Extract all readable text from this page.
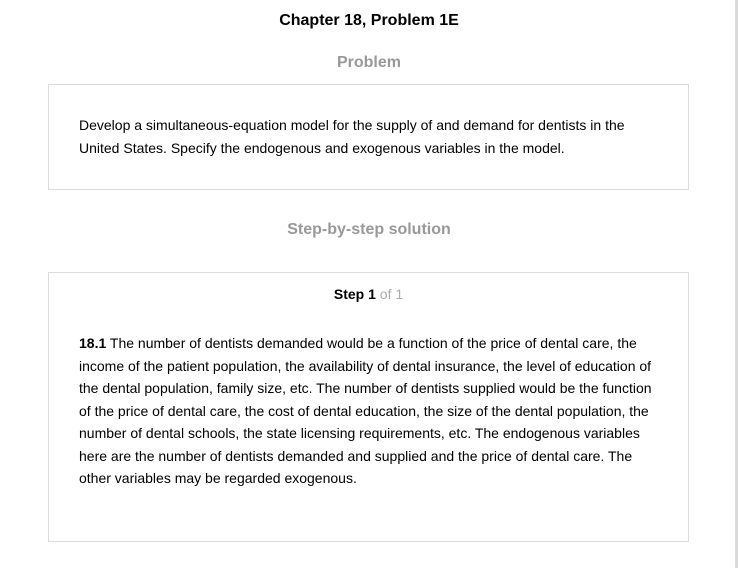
Chapter 18, Problem 1E
Problem

Develop a simultaneous-equation model for the supply of and demand for dentists in the United States. Specify the endogenous and exogenous variables in the model.

Step-by-step solution
Step 1 of 1

18.1 The number of dentists demanded would be a function of the price of dental care, the income of the patient population, the availability of dental insurance, the level of education of the dental population, family size, etc. The number of dentists supplied would be the function of the price of dental care, the cost of dental education, the size of the dental population, the number of dental schools, the state licensing requirements, etc. The endogenous variables here are the number of dentists demanded and supplied and the price of dental care. The other variables may be regarded exogenous.
